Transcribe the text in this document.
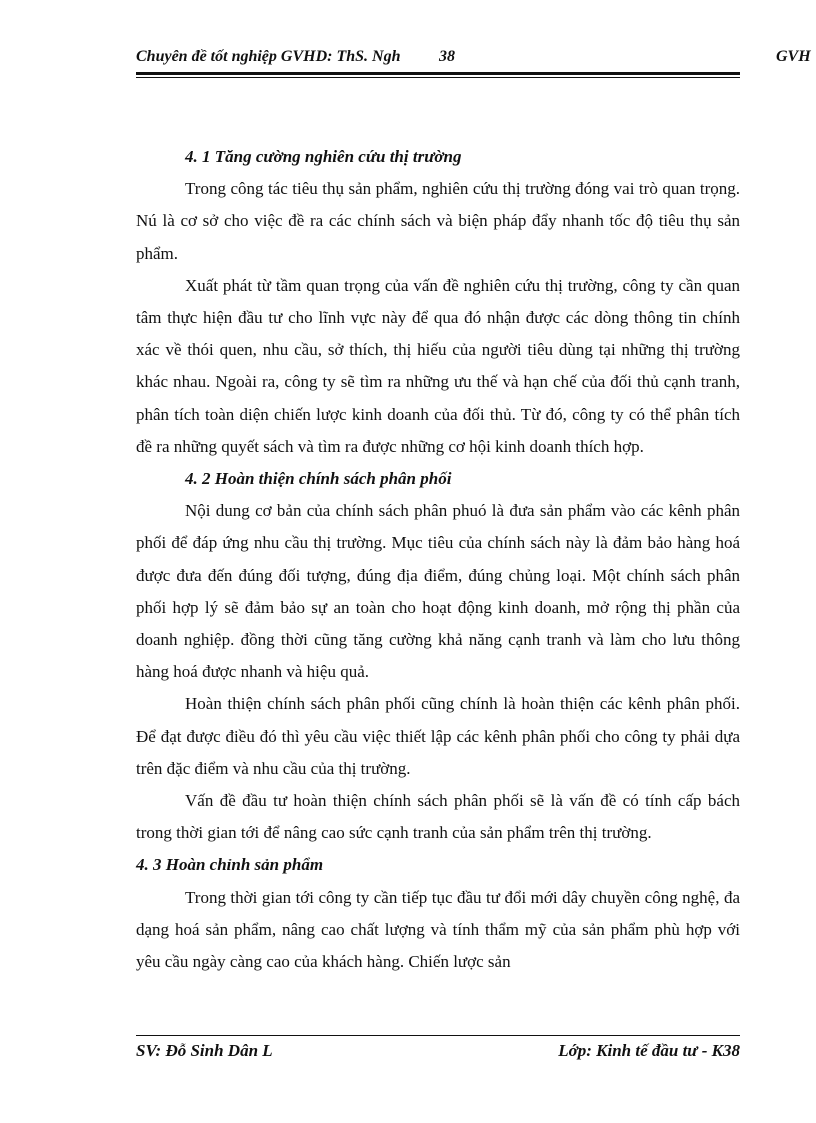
Chuyên đề tốt nghiệp GVHD: ThS. Ngh 38	GVH
4. 1 Tăng cường nghiên cứu thị trường

Trong công tác tiêu thụ sản phẩm, nghiên cứu thị trường đóng vai trò quan trọng. Nú là cơ sở cho việc đề ra các chính sách và biện pháp đẩy nhanh tốc độ tiêu thụ sản phẩm.

Xuất phát từ tầm quan trọng của vấn đề nghiên cứu thị trường, công ty cần quan tâm thực hiện đầu tư cho lĩnh vực này để qua đó nhận được các dòng thông tin chính xác về thói quen, nhu cầu, sở thích, thị hiếu của người tiêu dùng tại những thị trường khác nhau. Ngoài ra, công ty sẽ tìm ra những ưu thế và hạn chế của đối thủ cạnh tranh, phân tích toàn diện chiến lược kinh doanh của đối thủ. Từ đó, công ty có thể phân tích đề ra những quyết sách và tìm ra được những cơ hội kinh doanh thích hợp.

4. 2 Hoàn thiện chính sách phân phối

Nội dung cơ bản của chính sách phân phuó là đưa sản phẩm vào các kênh phân phối để đáp ứng nhu cầu thị trường. Mục tiêu của chính sách này là đảm bảo hàng hoá được đưa đến đúng đối tượng, đúng địa điểm, đúng chủng loại. Một chính sách phân phối hợp lý sẽ đảm bảo sự an toàn cho hoạt động kinh doanh, mở rộng thị phần của doanh nghiệp. đồng thời cũng tăng cường khả năng cạnh tranh và làm cho lưu thông hàng hoá được nhanh và hiệu quả.

Hoàn thiện chính sách phân phối cũng chính là hoàn thiện các kênh phân phối. Để đạt được điều đó thì yêu cầu việc thiết lập các kênh phân phối cho công ty phải dựa trên đặc điểm và nhu cầu của thị trường.

Vấn đề đầu tư hoàn thiện chính sách phân phối sẽ là vấn đề có tính cấp bách trong thời gian tới để nâng cao sức cạnh tranh của sản phẩm trên thị trường.

4. 3 Hoàn chỉnh sản phẩm

Trong thời gian tới công ty cần tiếp tục đầu tư đổi mới dây chuyền công nghệ, đa dạng hoá sản phẩm, nâng cao chất lượng và tính thẩm mỹ của sản phẩm phù hợp với yêu cầu ngày càng cao của khách hàng. Chiến lược sản

SV: Đỗ Sinh Dân L	Lớp: Kinh tế đầu tư - K38
